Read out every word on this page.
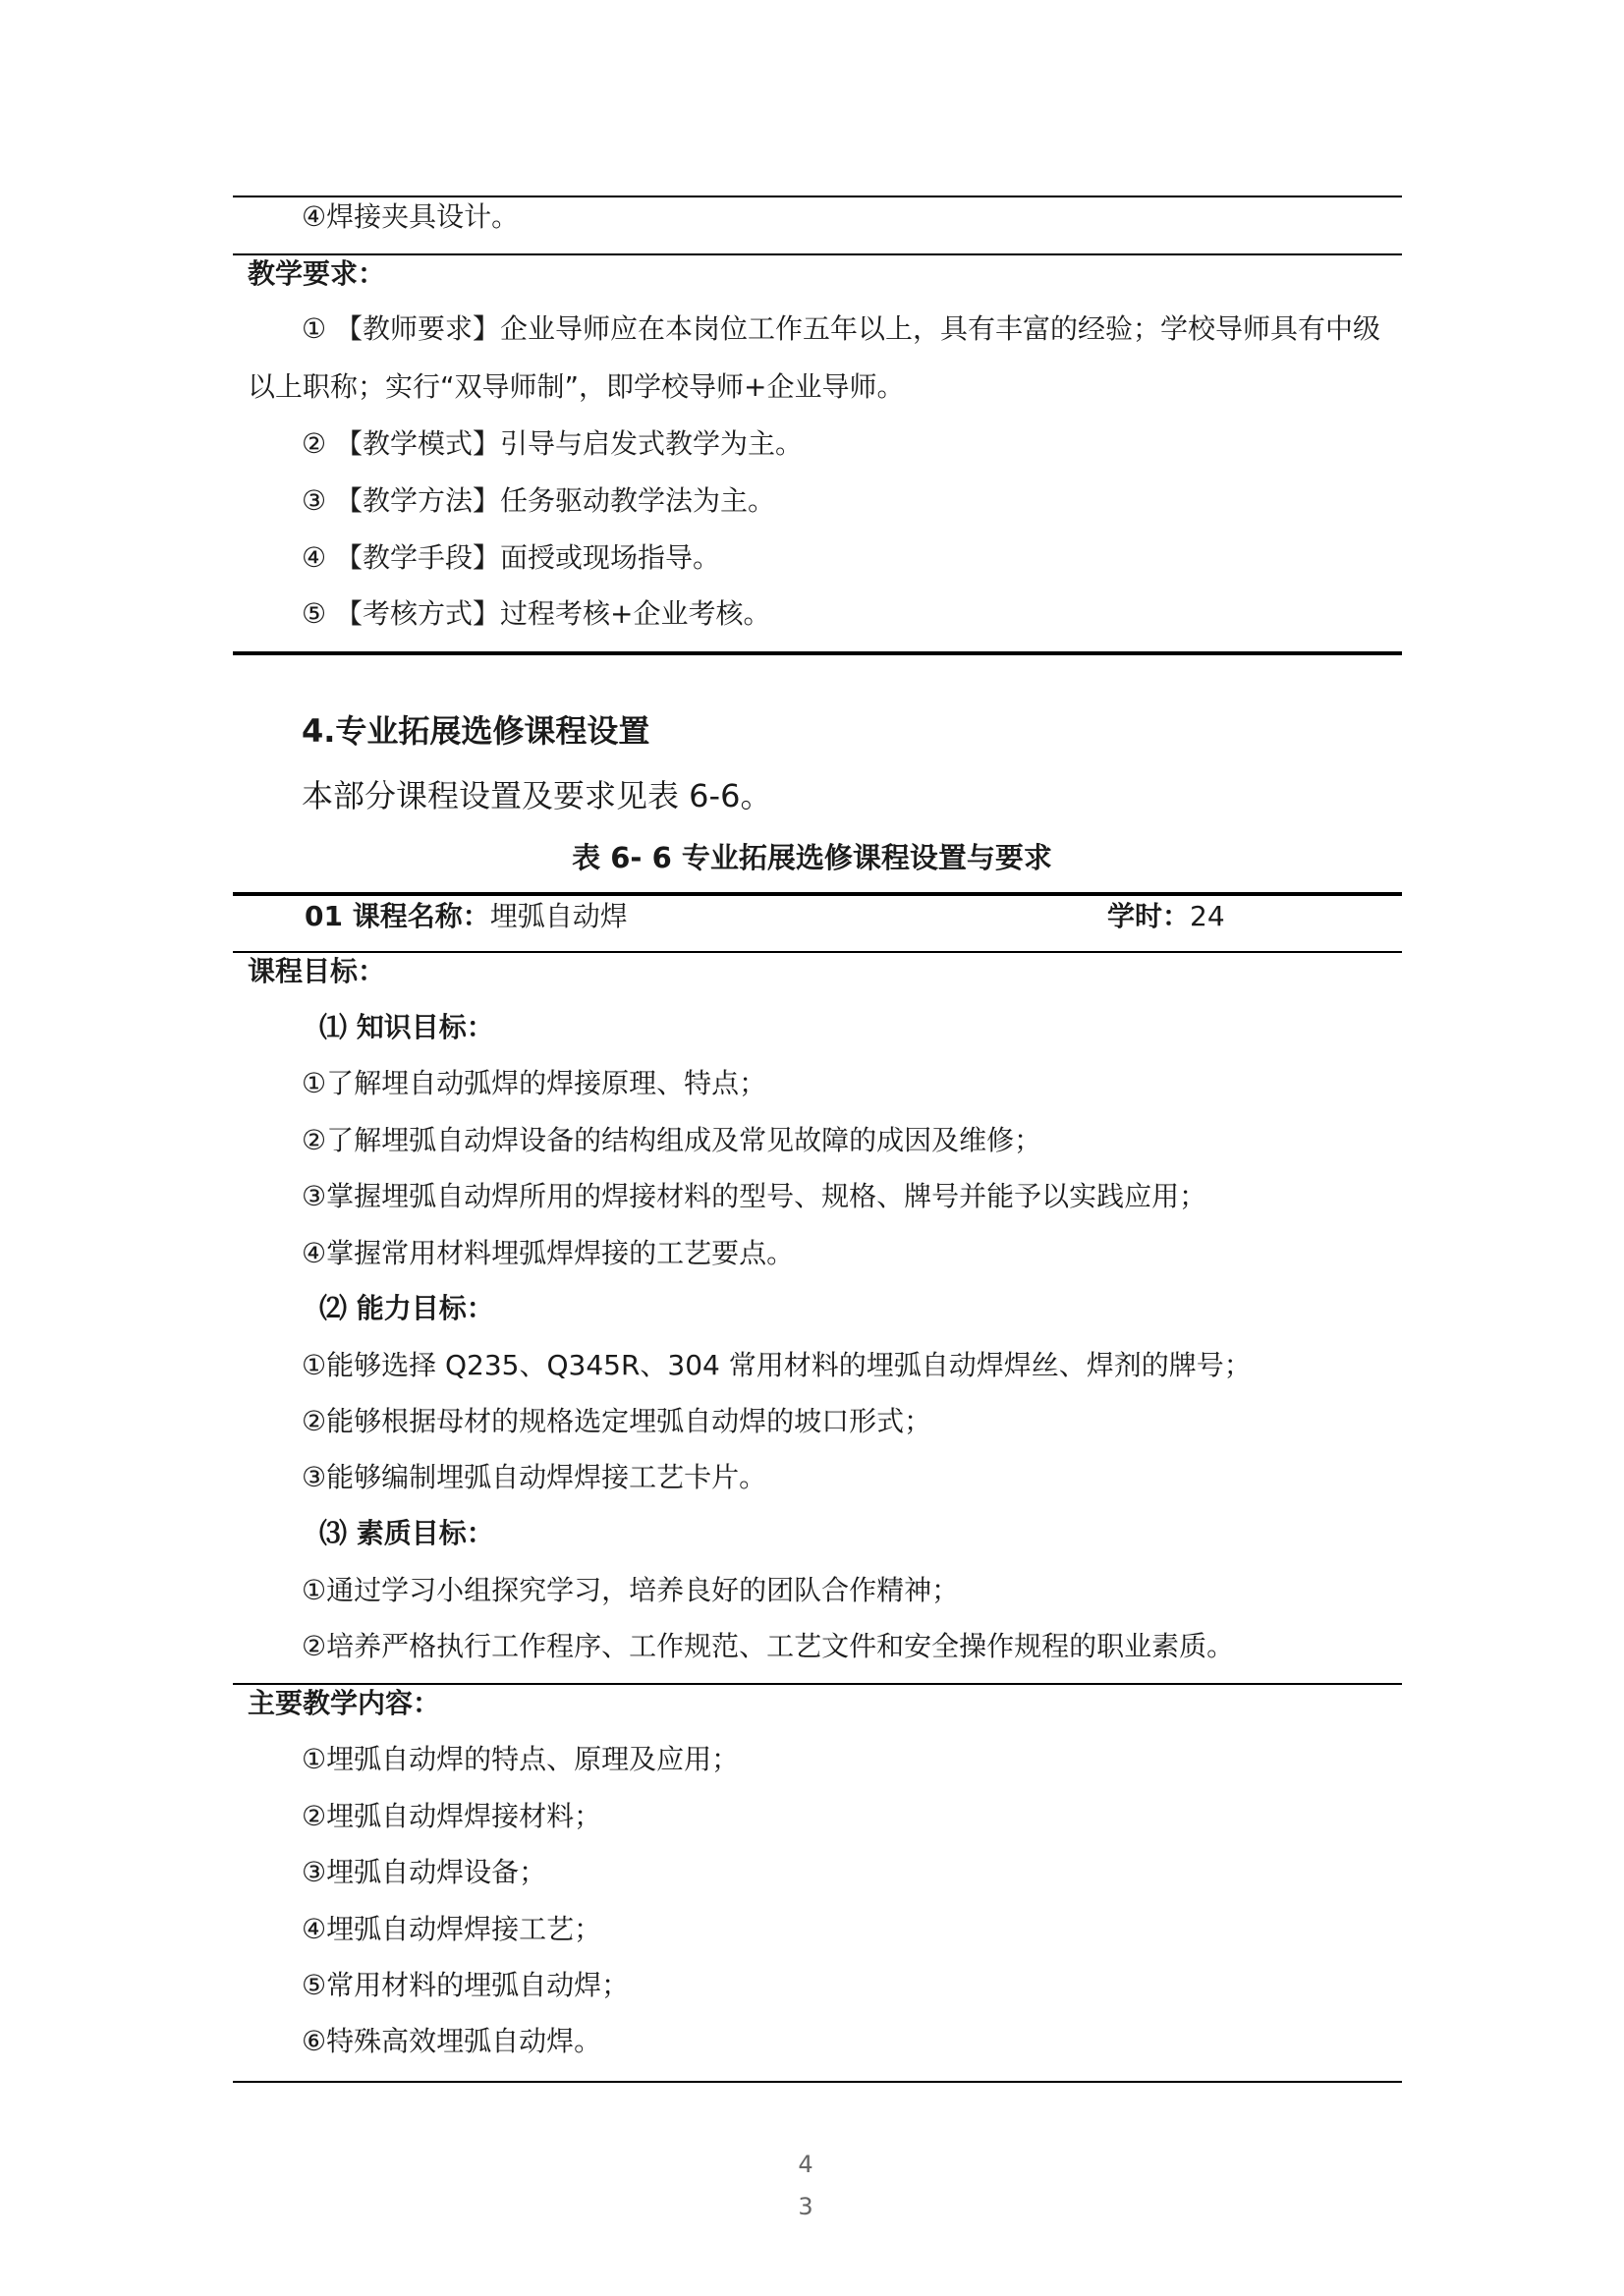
④焊接夹具设计。
教学要求：
① 【教师要求】企业导师应在本岗位工作五年以上，具有丰富的经验；学校导师具有中级
以上职称；实行“双导师制”，即学校导师+企业导师。
② 【教学模式】引导与启发式教学为主。
③ 【教学方法】任务驱动教学法为主。
④ 【教学手段】面授或现场指导。
⑤ 【考核方式】过程考核+企业考核。
4.专业拓展选修课程设置
本部分课程设置及要求见表 6-6。
表 6- 6 专业拓展选修课程设置与要求
01 课程名称：埋弧自动焊	学时：24
课程目标：
⑴ 知识目标：
①了解埋自动弧焊的焊接原理、特点；
②了解埋弧自动焊设备的结构组成及常见故障的成因及维修；
③掌握埋弧自动焊所用的焊接材料的型号、规格、牌号并能予以实践应用；
④掌握常用材料埋弧焊焊接的工艺要点。
⑵ 能力目标：
①能够选择 Q235、Q345R、304 常用材料的埋弧自动焊焊丝、焊剂的牌号；
②能够根据母材的规格选定埋弧自动焊的坡口形式；
③能够编制埋弧自动焊焊接工艺卡片。
⑶ 素质目标：
①通过学习小组探究学习，培养良好的团队合作精神；
②培养严格执行工作程序、工作规范、工艺文件和安全操作规程的职业素质。
主要教学内容：
①埋弧自动焊的特点、原理及应用；
②埋弧自动焊焊接材料；
③埋弧自动焊设备；
④埋弧自动焊焊接工艺；
⑤常用材料的埋弧自动焊；
⑥特殊高效埋弧自动焊。
4
3
